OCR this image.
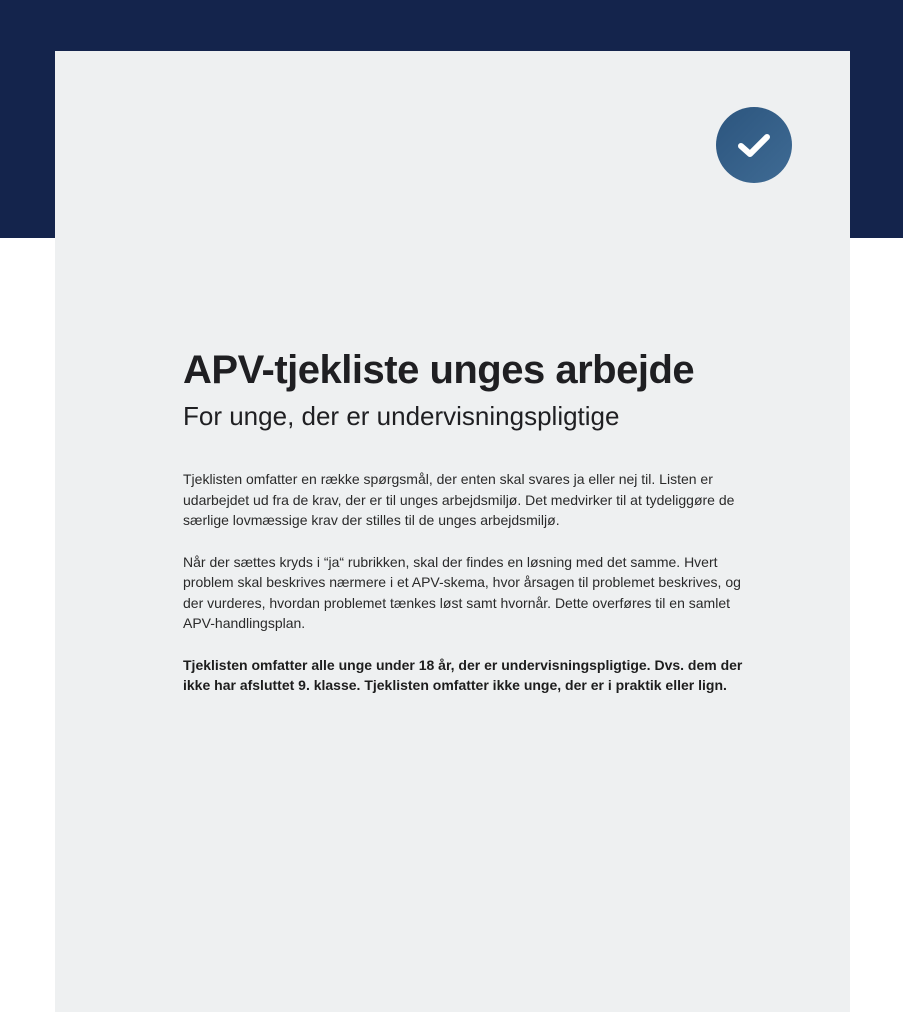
APV-tjekliste unges arbejde
For unge, der er undervisningspligtige

Tjeklisten omfatter en række spørgsmål, der enten skal svares ja eller nej til. Listen er udarbejdet ud fra de krav, der er til unges arbejdsmiljø. Det medvirker til at tydeliggøre de særlige lovmæssige krav der stilles til de unges arbejdsmiljø.

Når der sættes kryds i “ja“ rubrikken, skal der findes en løsning med det samme. Hvert problem skal beskrives nærmere i et APV-skema, hvor årsagen til problemet beskrives, og der vurderes, hvordan problemet tænkes løst samt hvornår. Dette overføres til en samlet APV-handlingsplan.

Tjeklisten omfatter alle unge under 18 år, der er undervisningspligtige. Dvs. dem der ikke har afsluttet 9. klasse. Tjeklisten omfatter ikke unge, der er i praktik eller lign.
